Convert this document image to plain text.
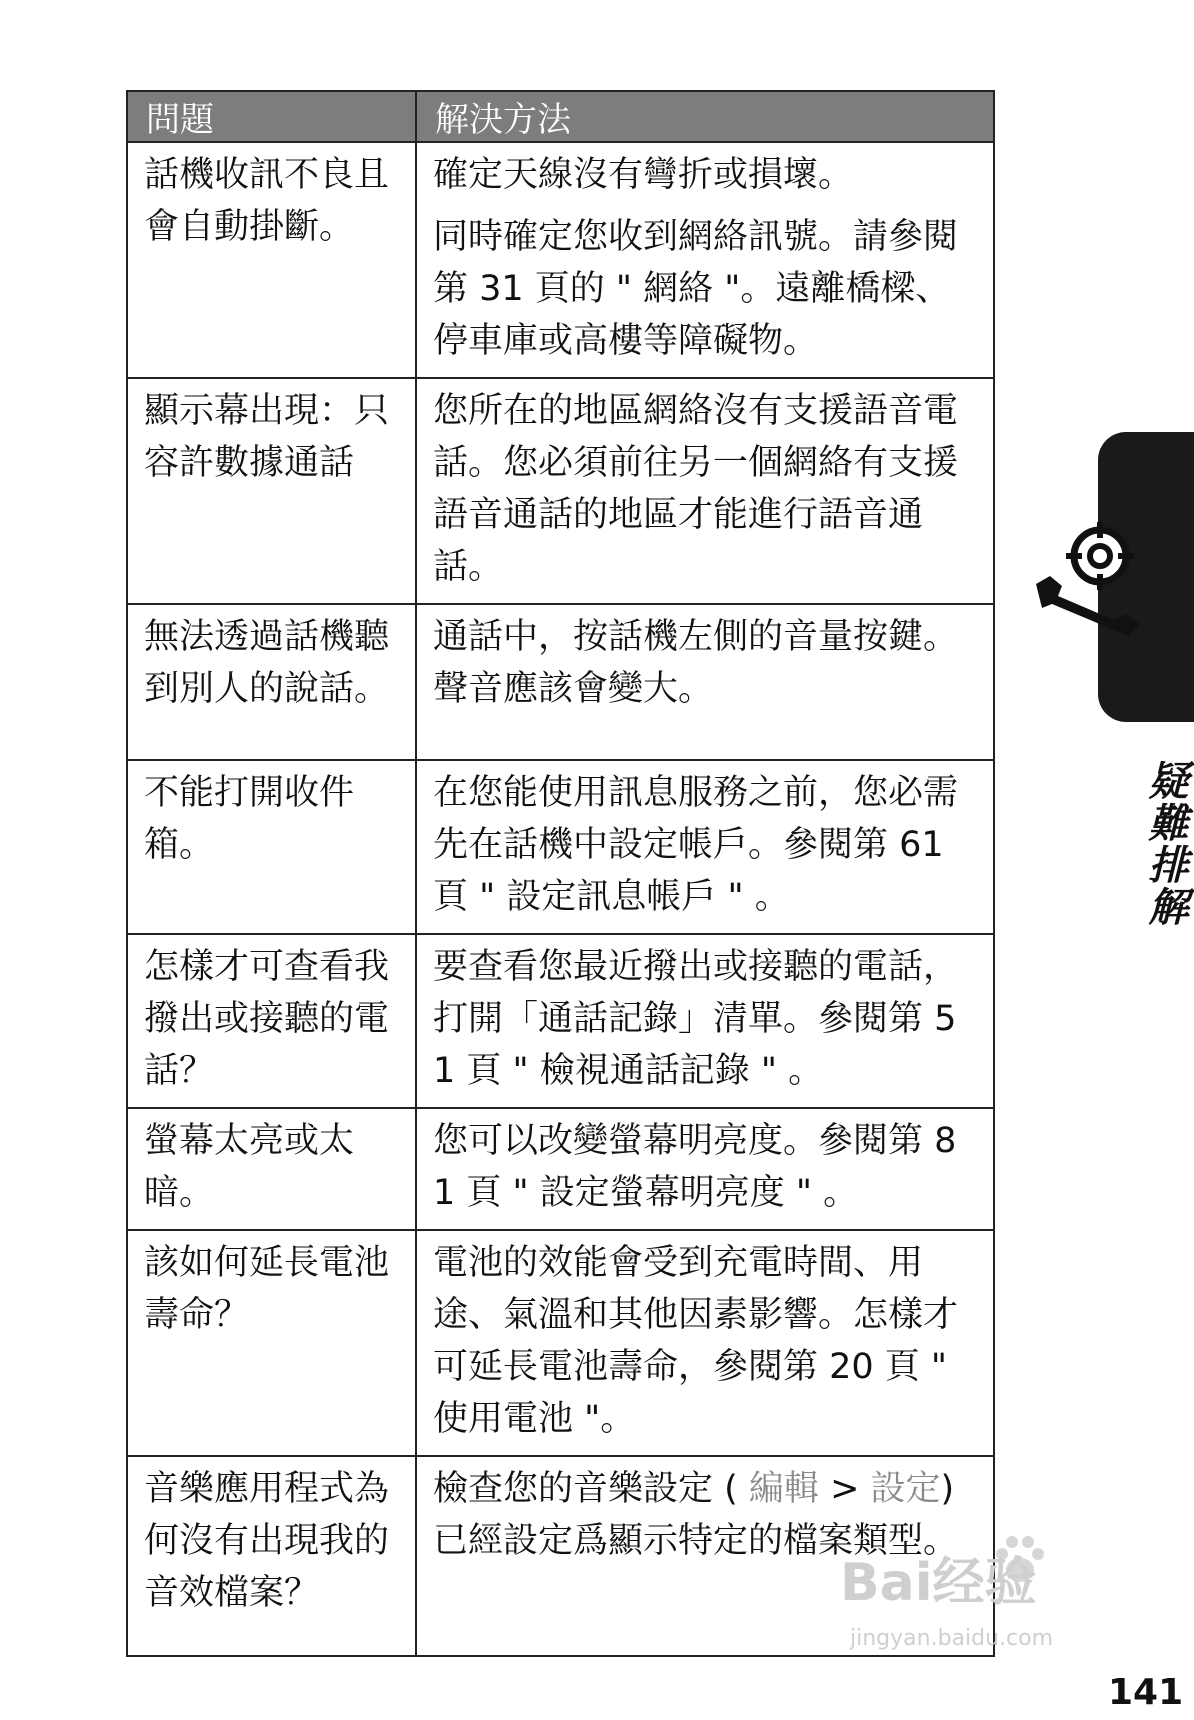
問題	解決方法
話機收訊不良且會自動掛斷。	確定天線沒有彎折或損壞。
同時確定您收到網絡訊號。請參閱第 31 頁的 " 網絡 "。遠離橋樑、停車庫或高樓等障礙物。

顯示幕出現：只容許數據通話	您所在的地區網絡沒有支援語音電話。您必須前往另一個網絡有支援語音通話的地區才能進行語音通話。

無法透過話機聽到別人的說話。	通話中，按話機左側的音量按鍵。聲音應該會變大。

不能打開收件箱。	在您能使用訊息服務之前，您必需先在話機中設定帳戶。參閱第 61 頁 " 設定訊息帳戶 " 。

怎樣才可查看我撥出或接聽的電話？	要查看您最近撥出或接聽的電話，打開「通話記錄」清單。參閱第 51 頁 " 檢視通話記錄 " 。

螢幕太亮或太暗。	您可以改變螢幕明亮度。參閱第 81 頁 " 設定螢幕明亮度 " 。

該如何延長電池壽命？	電池的效能會受到充電時間、用途、氣溫和其他因素影響。怎樣才可延長電池壽命，參閱第 20 頁 " 使用電池 "。

音樂應用程式為何沒有出現我的音效檔案？	檢查您的音樂設定 ( 編輯 > 設定) 已經設定爲顯示特定的檔案類型。
疑難排解
Bai经验
jingyan.baidu.com
141
